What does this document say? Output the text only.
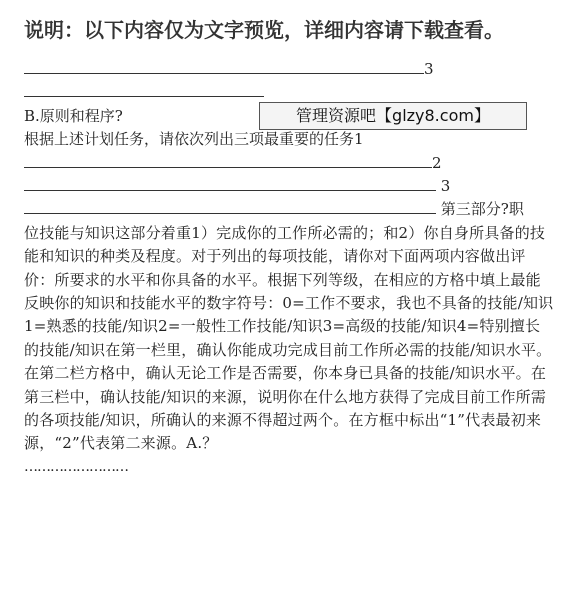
说明：以下内容仅为文字预览，详细内容请下载查看。
3
B.原则和程序?
根据上述计划任务，请依次列出三项最重要的任务1
2
3
第三部分?职
位技能与知识这部分着重1）完成你的工作所必需的；和2）你自身所具备的技能和知识的种类及程度。对于列出的每项技能，请你对下面两项内容做出评价：所要求的水平和你具备的水平。根据下列等级，在相应的方格中填上最能反映你的知识和技能水平的数字符号：0=工作不要求，我也不具备的技能/知识1=熟悉的技能/知识2=一般性工作技能/知识3=高级的技能/知识4=特别擅长的技能/知识在第一栏里，确认你能成功完成目前工作所必需的技能/知识水平。在第二栏方格中，确认无论工作是否需要，你本身已具备的技能/知识水平。在第三栏中，确认技能/知识的来源，说明你在什么地方获得了完成目前工作所需的各项技能/知识，所确认的来源不得超过两个。在方框中标出“1”代表最初来源，“2”代表第二来源。A.？
……………………
管理资源吧【glzy8.com】
